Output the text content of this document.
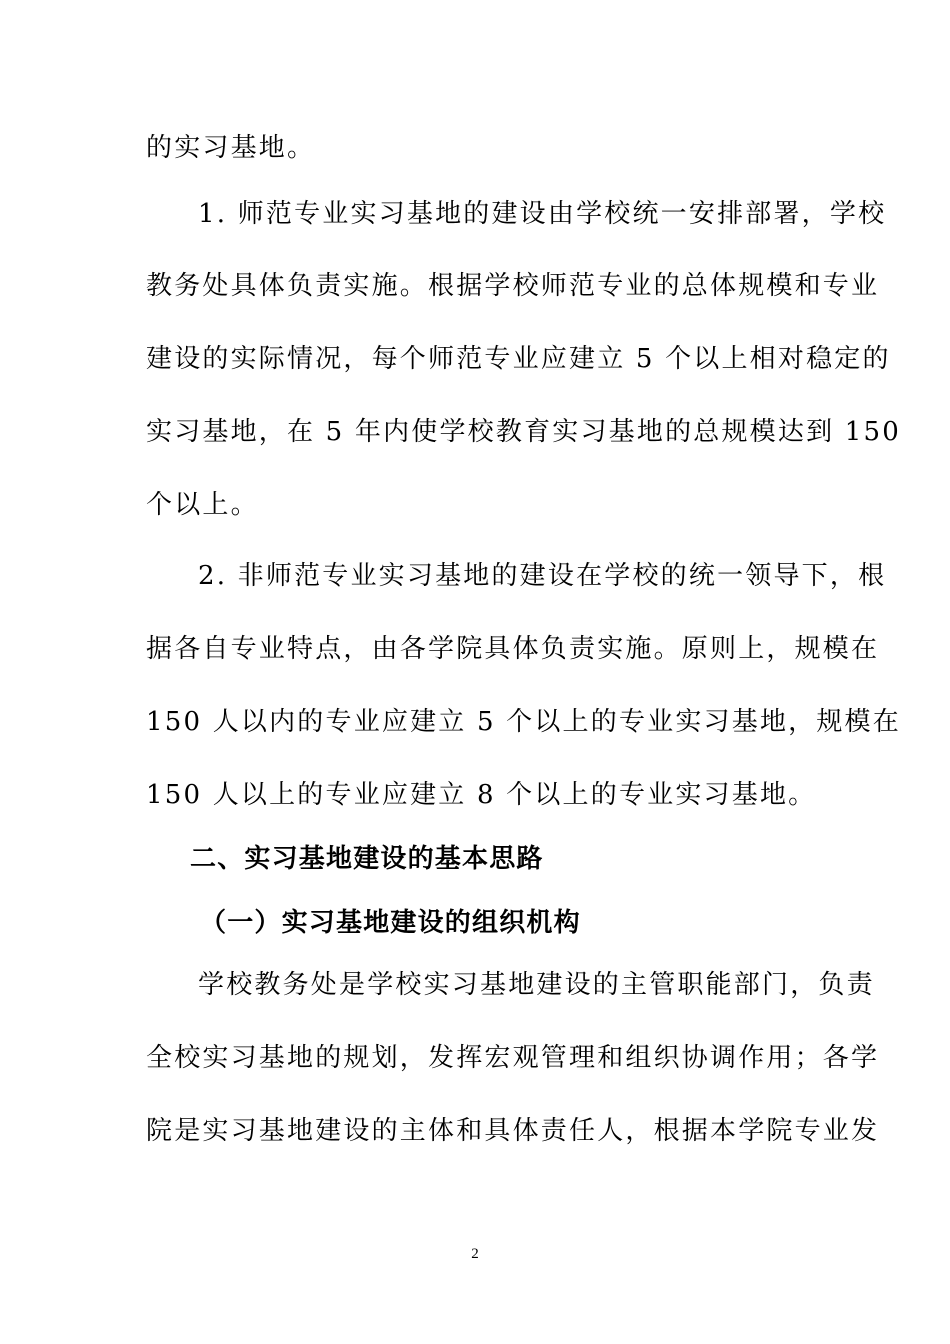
的实习基地。
1. 师范专业实习基地的建设由学校统一安排部署，学校
教务处具体负责实施。根据学校师范专业的总体规模和专业
建设的实际情况，每个师范专业应建立 5 个以上相对稳定的
实习基地，在 5 年内使学校教育实习基地的总规模达到 150
个以上。
2. 非师范专业实习基地的建设在学校的统一领导下，根
据各自专业特点，由各学院具体负责实施。原则上，规模在
150 人以内的专业应建立 5 个以上的专业实习基地，规模在
150 人以上的专业应建立 8 个以上的专业实习基地。
二、实习基地建设的基本思路
（一）实习基地建设的组织机构
学校教务处是学校实习基地建设的主管职能部门，负责
全校实习基地的规划，发挥宏观管理和组织协调作用；各学
院是实习基地建设的主体和具体责任人，根据本学院专业发
2
